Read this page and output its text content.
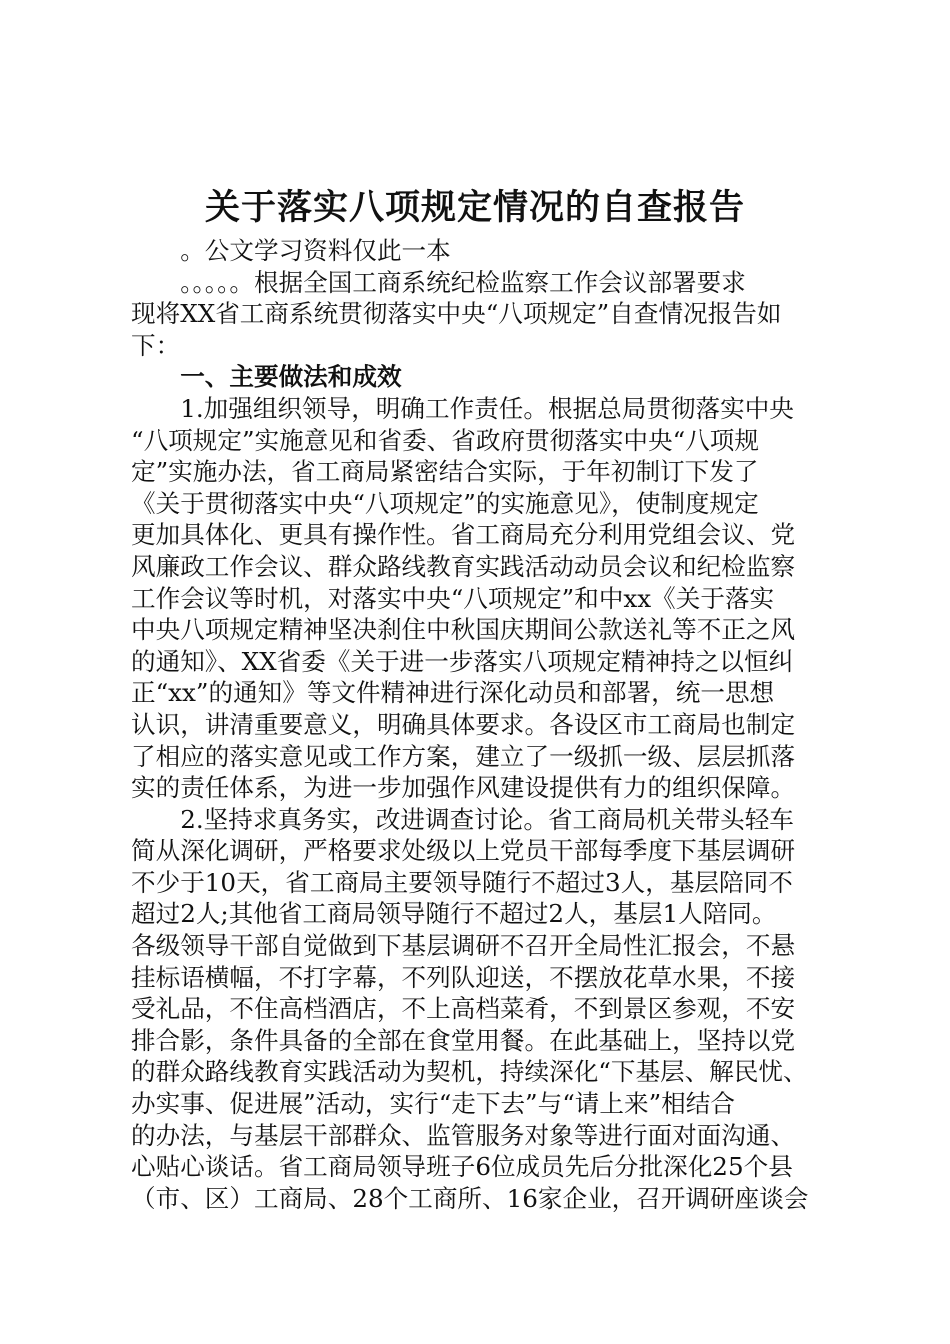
关于落实八项规定情况的自查报告
　　。公文学习资料仅此一本
　　。。。。。根据全国工商系统纪检监察工作会议部署要求
现将XX省工商系统贯彻落实中央“八项规定”自查情况报告如
下：
　　一、主要做法和成效
　　1.加强组织领导，明确工作责任。根据总局贯彻落实中央
“八项规定”实施意见和省委、省政府贯彻落实中央“八项规
定”实施办法，省工商局紧密结合实际，于年初制订下发了
《关于贯彻落实中央“八项规定”的实施意见》，使制度规定
更加具体化、更具有操作性。省工商局充分利用党组会议、党
风廉政工作会议、群众路线教育实践活动动员会议和纪检监察
工作会议等时机，对落实中央“八项规定”和中xx《关于落实
中央八项规定精神坚决刹住中秋国庆期间公款送礼等不正之风
的通知》、XX省委《关于进一步落实八项规定精神持之以恒纠
正“xx”的通知》等文件精神进行深化动员和部署，统一思想
认识，讲清重要意义，明确具体要求。各设区市工商局也制定
了相应的落实意见或工作方案，建立了一级抓一级、层层抓落
实的责任体系，为进一步加强作风建设提供有力的组织保障。
　　2.坚持求真务实，改进调查讨论。省工商局机关带头轻车
简从深化调研，严格要求处级以上党员干部每季度下基层调研
不少于10天，省工商局主要领导随行不超过3人，基层陪同不
超过2人;其他省工商局领导随行不超过2人，基层1人陪同。
各级领导干部自觉做到下基层调研不召开全局性汇报会，不悬
挂标语横幅，不打字幕，不列队迎送，不摆放花草水果，不接
受礼品，不住高档酒店，不上高档菜肴，不到景区参观，不安
排合影，条件具备的全部在食堂用餐。在此基础上，坚持以党
的群众路线教育实践活动为契机，持续深化“下基层、解民忧、
办实事、促进展”活动，实行“走下去”与“请上来”相结合
的办法，与基层干部群众、监管服务对象等进行面对面沟通、
心贴心谈话。省工商局领导班子6位成员先后分批深化25个县
（市、区）工商局、28个工商所、16家企业，召开调研座谈会
